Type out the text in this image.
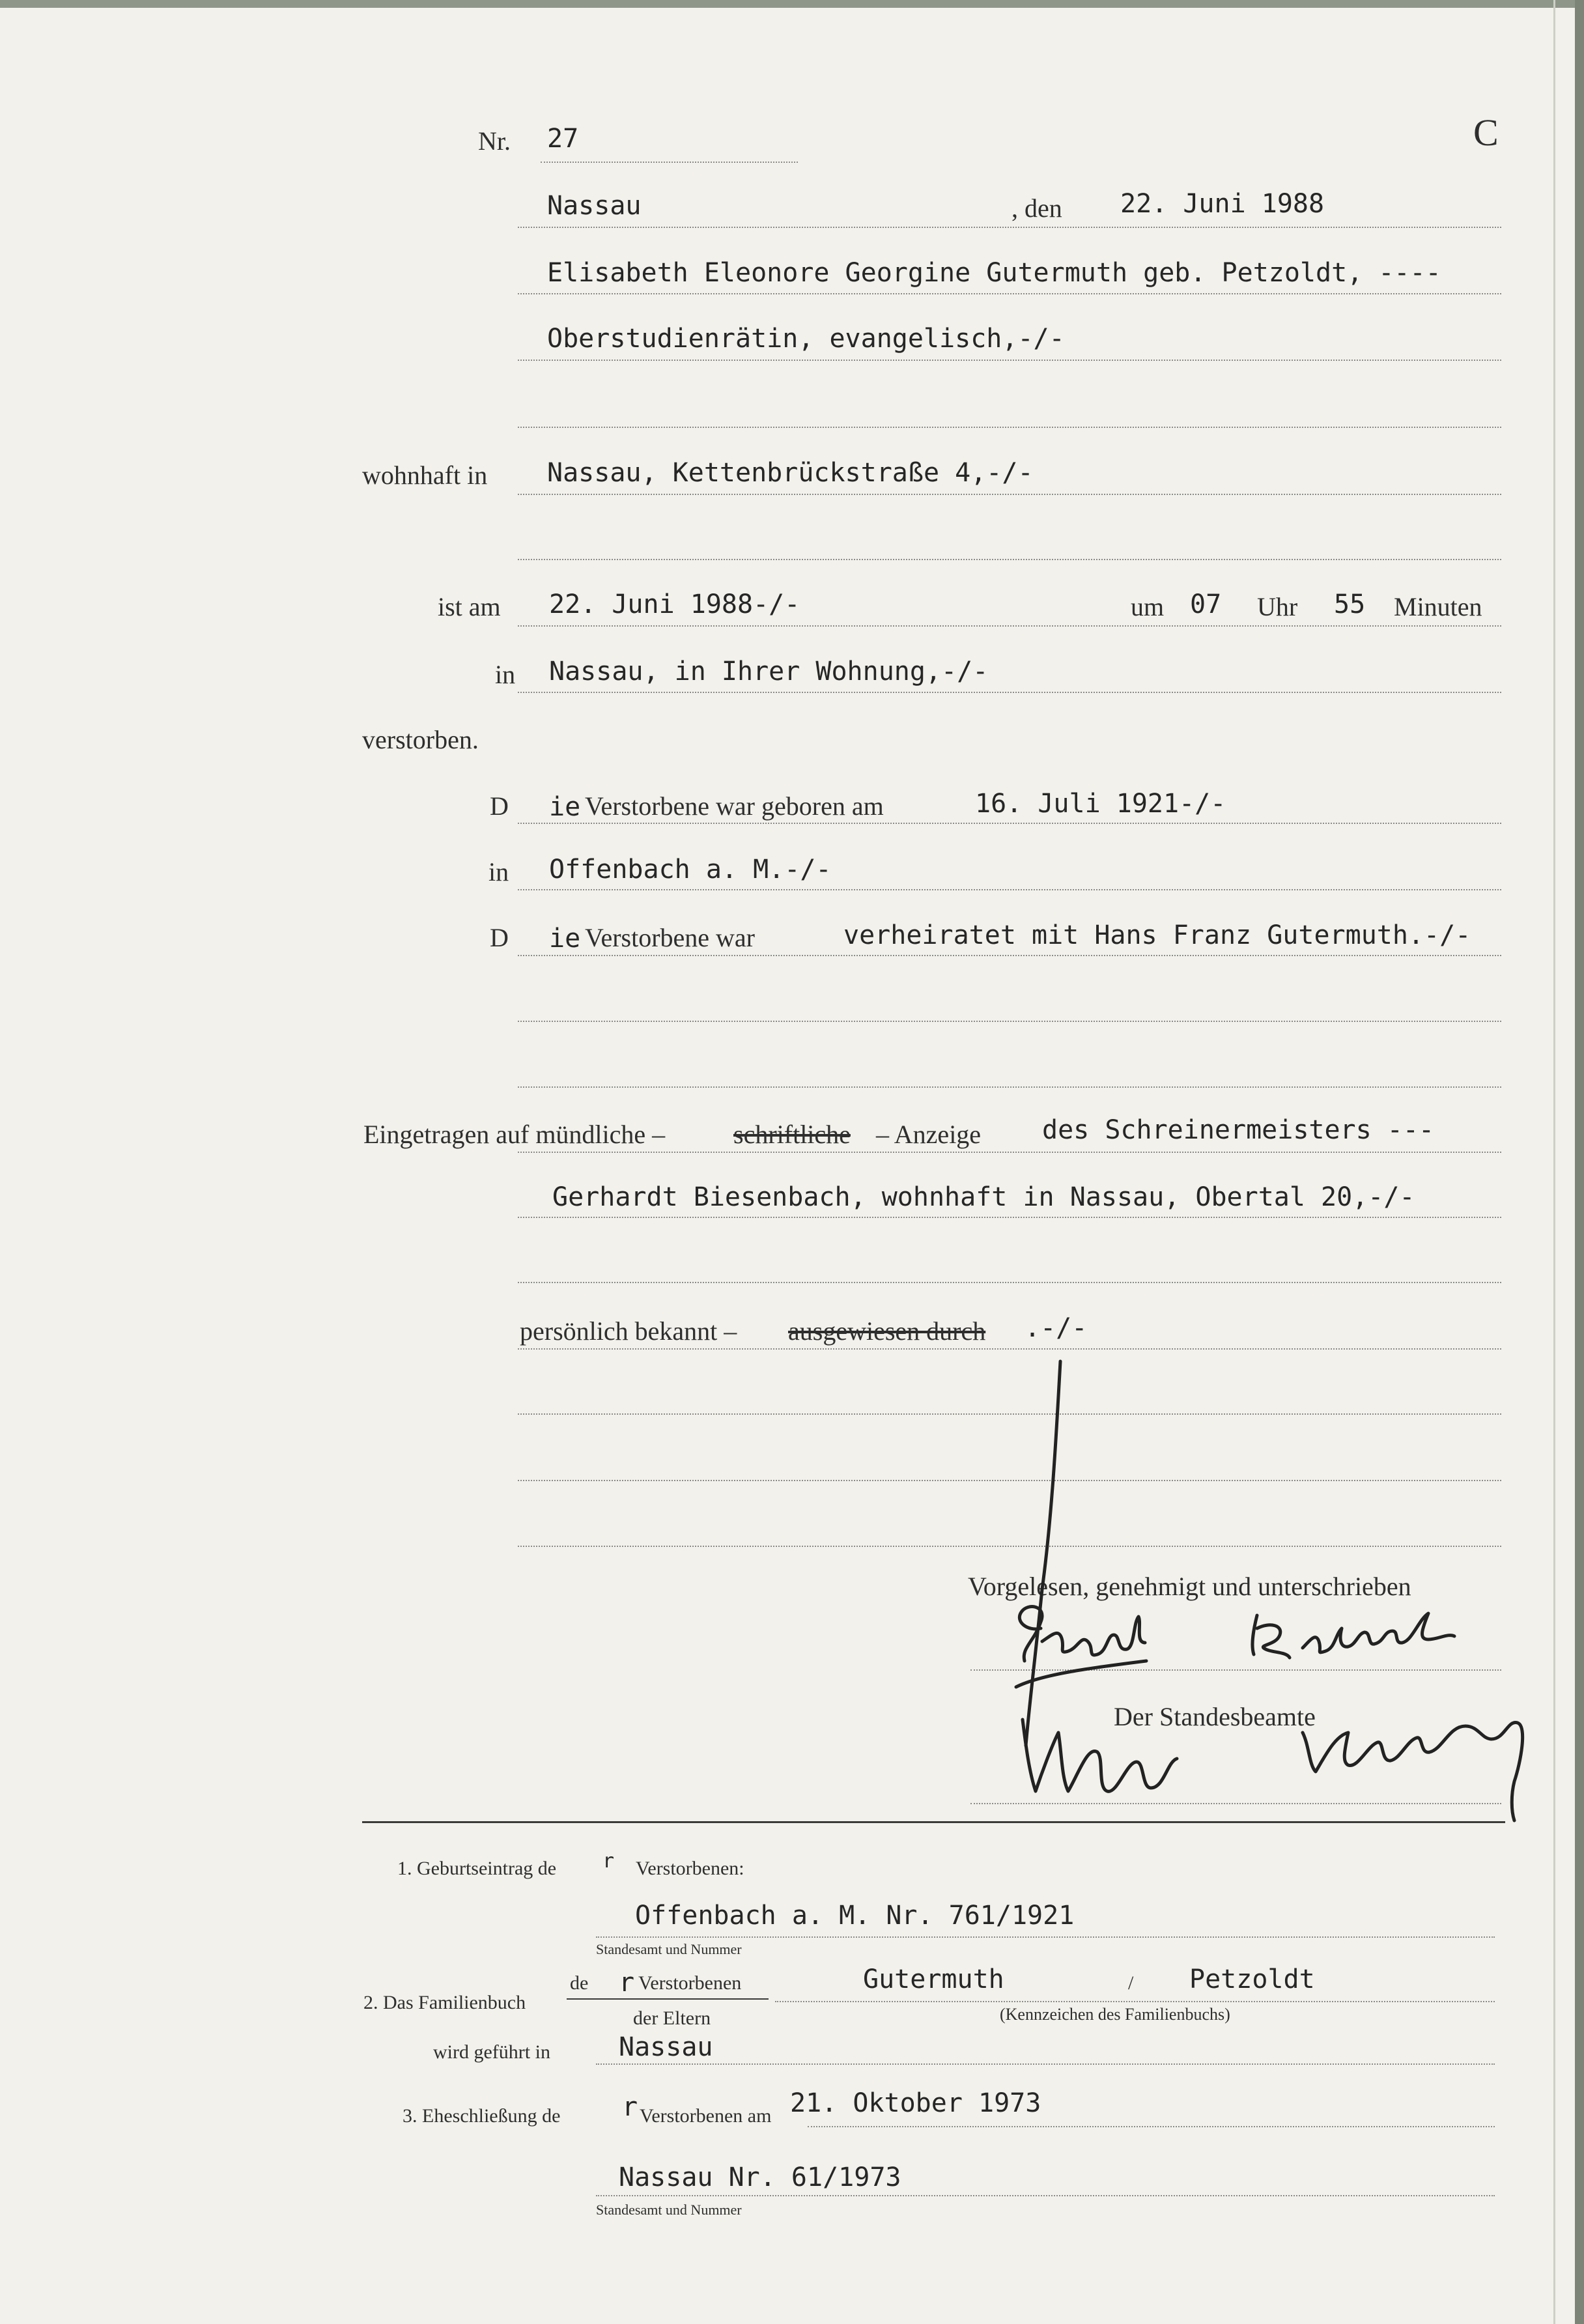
Nr. 27	C
Nassau	, den 22. Juni 1988
Elisabeth Eleonore Georgine Gutermuth geb. Petzoldt, ----
Oberstudienrätin, evangelisch,-/-
wohnhaft in Nassau, Kettenbrückstraße 4,-/-
ist am 22. Juni 1988-/-	um 07 Uhr 55 Minuten
in Nassau, in Ihrer Wohnung,-/-
verstorben.
D ie Verstorbene war geboren am	16. Juli 1921-/-
in Offenbach a. M.-/-
D ie Verstorbene war	verheiratet mit Hans Franz Gutermuth.-/-
Eingetragen auf mündliche –	schriftliche – Anzeige des Schreinermeisters ---
Gerhardt Biesenbach, wohnhaft in Nassau, Obertal 20,-/-
persönlich bekannt – ausgewiesen durch .-/-
Vorgelesen, genehmigt und unterschrieben
Der Standesbeamte
1. Geburtseintrag de r Verstorbenen:
Offenbach a. M. Nr. 761/1921
Standesamt und Nummer
de r Verstorbenen
2. Das Familienbuch
der Eltern
Gutermuth	/ Petzoldt
(Kennzeichen des Familienbuchs)
wird geführt in	Nassau
3. Eheschließung de r Verstorbenen am 21. Oktober 1973
Nassau Nr. 61/1973
Standesamt und Nummer
